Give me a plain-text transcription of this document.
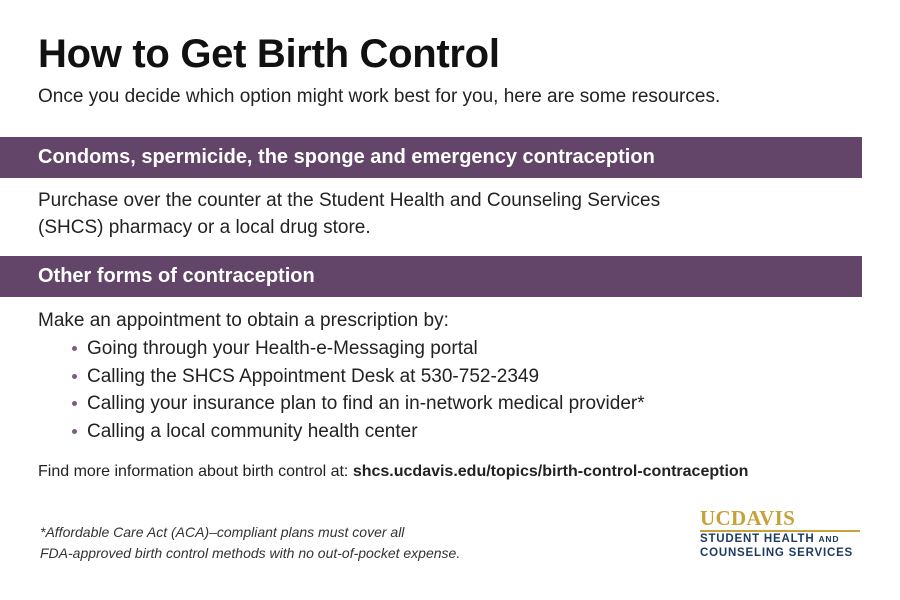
How to Get Birth Control

Once you decide which option might work best for you, here are some resources.

Condoms, spermicide, the sponge and emergency contraception

Purchase over the counter at the Student Health and Counseling Services (SHCS) pharmacy or a local drug store.

Other forms of contraception

Make an appointment to obtain a prescription by:

Going through your Health-e-Messaging portal
Calling the SHCS Appointment Desk at 530-752-2349
Calling your insurance plan to find an in-network medical provider*
Calling a local community health center

Find more information about birth control at: shcs.ucdavis.edu/topics/birth-control-contraception

*Affordable Care Act (ACA)–compliant plans must cover all
FDA-approved birth control methods with no out-of-pocket expense.
UCDAVIS
STUDENT HEALTH AND
COUNSELING SERVICES
